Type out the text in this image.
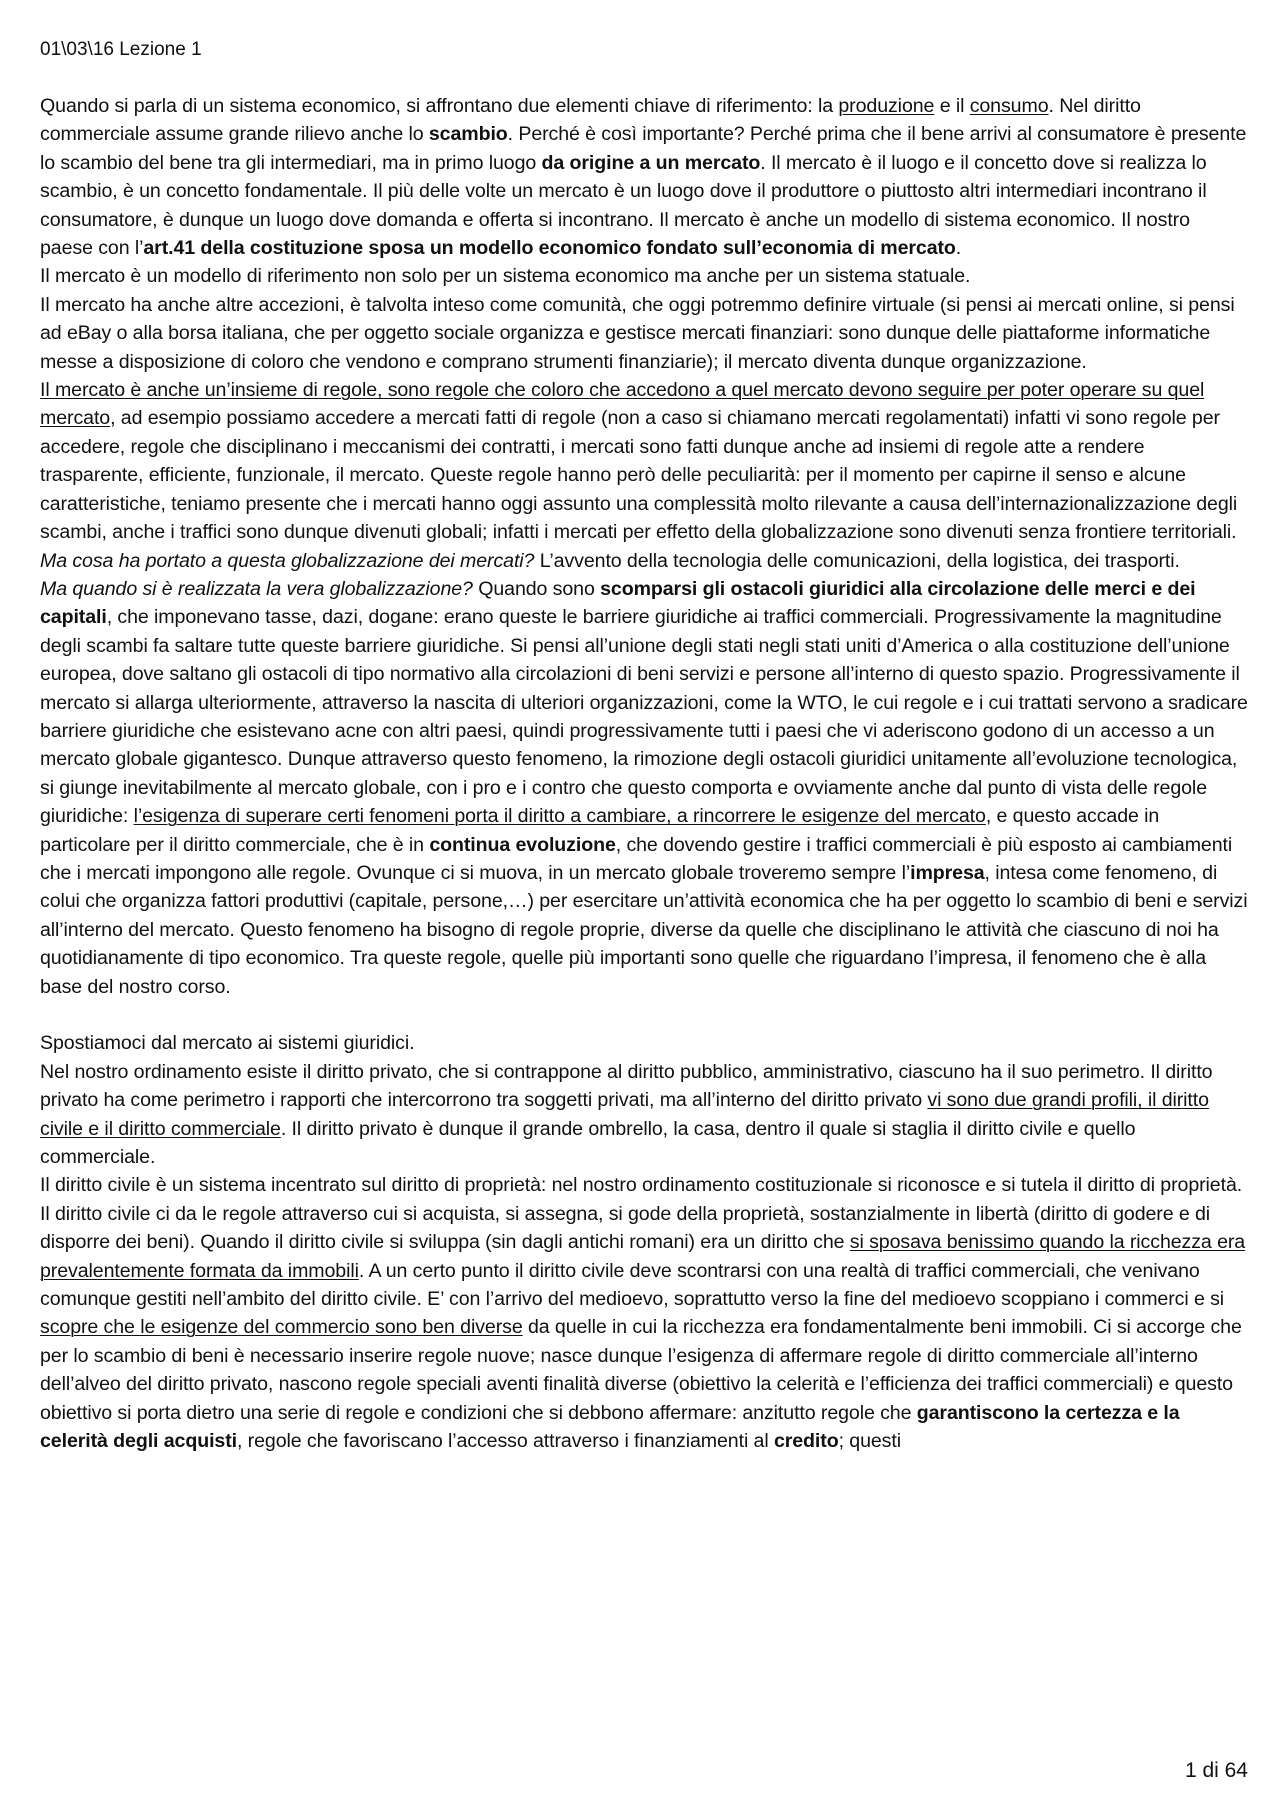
01\03\16 Lezione 1

Quando si parla di un sistema economico, si affrontano due elementi chiave di riferimento: la produzione e il consumo. Nel diritto commerciale assume grande rilievo anche lo scambio. Perché è così importante? Perché prima che il bene arrivi al consumatore è presente lo scambio del bene tra gli intermediari, ma in primo luogo da origine a un mercato. Il mercato è il luogo e il concetto dove si realizza lo scambio, è un concetto fondamentale. Il più delle volte un mercato è un luogo dove il produttore o piuttosto altri intermediari incontrano il consumatore, è dunque un luogo dove domanda e offerta si incontrano. Il mercato è anche un modello di sistema economico. Il nostro paese con l’art.41 della costituzione sposa un modello economico fondato sull’economia di mercato.

Il mercato è un modello di riferimento non solo per un sistema economico ma anche per un sistema statuale.

Il mercato ha anche altre accezioni, è talvolta inteso come comunità, che oggi potremmo definire virtuale (si pensi ai mercati online, si pensi ad eBay o alla borsa italiana, che per oggetto sociale organizza e gestisce mercati finanziari: sono dunque delle piattaforme informatiche messe a disposizione di coloro che vendono e comprano strumenti finanziarie); il mercato diventa dunque organizzazione.

Il mercato è anche un’insieme di regole, sono regole che coloro che accedono a quel mercato devono seguire per poter operare su quel mercato, ad esempio possiamo accedere a mercati fatti di regole (non a caso si chiamano mercati regolamentati) infatti vi sono regole per accedere, regole che disciplinano i meccanismi dei contratti, i mercati sono fatti dunque anche ad insiemi di regole atte a rendere trasparente, efficiente, funzionale, il mercato. Queste regole hanno però delle peculiarità: per il momento per capirne il senso e alcune caratteristiche, teniamo presente che i mercati hanno oggi assunto una complessità molto rilevante a causa dell’internazionalizzazione degli scambi, anche i traffici sono dunque divenuti globali; infatti i mercati per effetto della globalizzazione sono divenuti senza frontiere territoriali.

Ma cosa ha portato a questa globalizzazione dei mercati? L’avvento della tecnologia delle comunicazioni, della logistica, dei trasporti.

Ma quando si è realizzata la vera globalizzazione? Quando sono scomparsi gli ostacoli giuridici alla circolazione delle merci e dei capitali, che imponevano tasse, dazi, dogane: erano queste le barriere giuridiche ai traffici commerciali. Progressivamente la magnitudine degli scambi fa saltare tutte queste barriere giuridiche. Si pensi all’unione degli stati negli stati uniti d’America o alla costituzione dell’unione europea, dove saltano gli ostacoli di tipo normativo alla circolazioni di beni servizi e persone all’interno di questo spazio. Progressivamente il mercato si allarga ulteriormente, attraverso la nascita di ulteriori organizzazioni, come la WTO, le cui regole e i cui trattati servono a sradicare barriere giuridiche che esistevano acne con altri paesi, quindi progressivamente tutti i paesi che vi aderiscono godono di un accesso a un mercato globale gigantesco. Dunque attraverso questo fenomeno, la rimozione degli ostacoli giuridici unitamente all’evoluzione tecnologica, si giunge inevitabilmente al mercato globale, con i pro e i contro che questo comporta e ovviamente anche dal punto di vista delle regole giuridiche: l’esigenza di superare certi fenomeni porta il diritto a cambiare, a rincorrere le esigenze del mercato, e questo accade in particolare per il diritto commerciale, che è in continua evoluzione, che dovendo gestire i traffici commerciali è più esposto ai cambiamenti che i mercati impongono alle regole. Ovunque ci si muova, in un mercato globale troveremo sempre l’impresa, intesa come fenomeno, di colui che organizza fattori produttivi (capitale, persone,…) per esercitare un’attività economica che ha per oggetto lo scambio di beni e servizi all’interno del mercato. Questo fenomeno ha bisogno di regole proprie, diverse da quelle che disciplinano le attività che ciascuno di noi ha quotidianamente di tipo economico. Tra queste regole, quelle più importanti sono quelle che riguardano l’impresa, il fenomeno che è alla base del nostro corso.

Spostiamoci dal mercato ai sistemi giuridici.

Nel nostro ordinamento esiste il diritto privato, che si contrappone al diritto pubblico, amministrativo, ciascuno ha il suo perimetro. Il diritto privato ha come perimetro i rapporti che intercorrono tra soggetti privati, ma all’interno del diritto privato vi sono due grandi profili, il diritto civile e il diritto commerciale. Il diritto privato è dunque il grande ombrello, la casa, dentro il quale si staglia il diritto civile e quello commerciale.

Il diritto civile è un sistema incentrato sul diritto di proprietà: nel nostro ordinamento costituzionale si riconosce e si tutela il diritto di proprietà. Il diritto civile ci da le regole attraverso cui si acquista, si assegna, si gode della proprietà, sostanzialmente in libertà (diritto di godere e di disporre dei beni). Quando il diritto civile si sviluppa (sin dagli antichi romani) era un diritto che si sposava benissimo quando la ricchezza era prevalentemente formata da immobili. A un certo punto il diritto civile deve scontrarsi con una realtà di traffici commerciali, che venivano comunque gestiti nell’ambito del diritto civile. E’ con l’arrivo del medioevo, soprattutto verso la fine del medioevo scoppiano i commerci e si scopre che le esigenze del commercio sono ben diverse da quelle in cui la ricchezza era fondamentalmente beni immobili. Ci si accorge che per lo scambio di beni è necessario inserire regole nuove; nasce dunque l’esigenza di affermare regole di diritto commerciale all’interno dell’alveo del diritto privato, nascono regole speciali aventi finalità diverse (obiettivo la celerità e l’efficienza dei traffici commerciali) e questo obiettivo si porta dietro una serie di regole e condizioni che si debbono affermare: anzitutto regole che garantiscono la certezza e la celerità degli acquisti, regole che favoriscano l’accesso attraverso i finanziamenti al credito; questi

1 di 64
